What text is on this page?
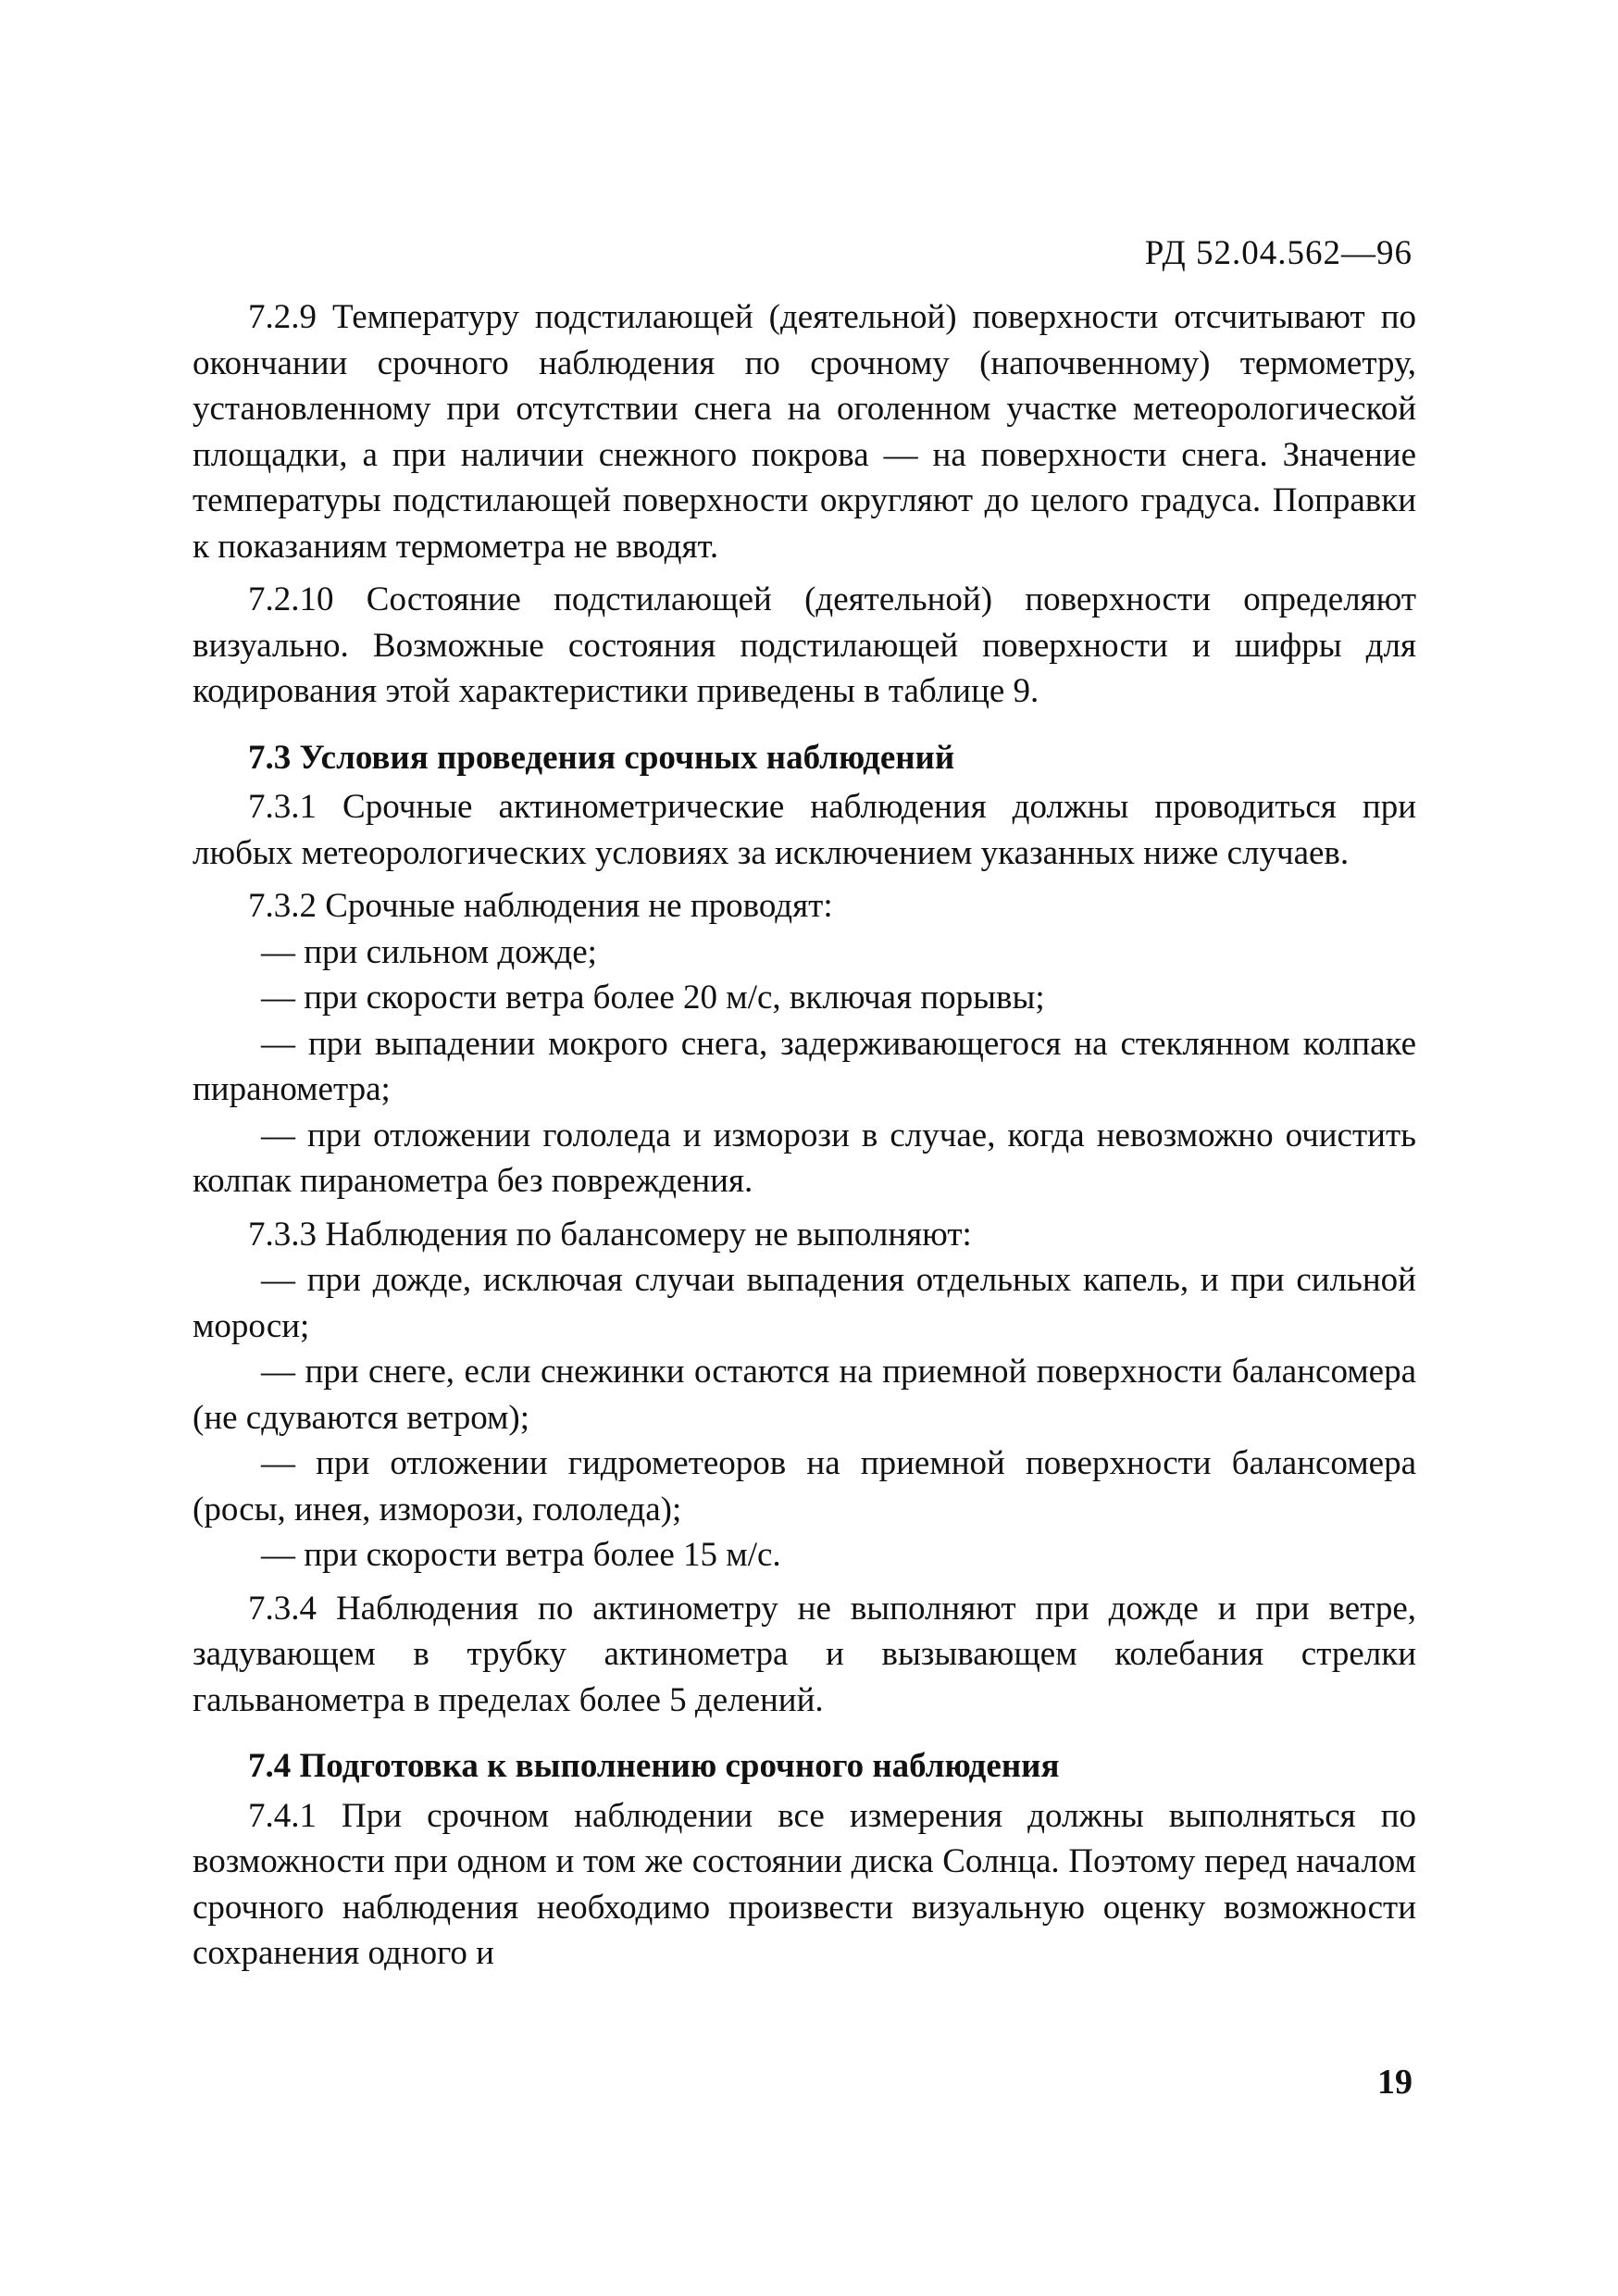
РД 52.04.562—96

7.2.9 Температуру подстилающей (деятельной) поверхности отсчитывают по окончании срочного наблюдения по срочному (напочвенному) термометру, установленному при отсутствии снега на оголенном участке метеорологической площадки, а при наличии снежного покрова — на поверхности снега. Значение температуры подстилающей поверхности округляют до целого градуса. Поправки к показаниям термометра не вводят.

7.2.10 Состояние подстилающей (деятельной) поверхности определяют визуально. Возможные состояния подстилающей поверхности и шифры для кодирования этой характеристики приведены в таблице 9.

7.3 Условия проведения срочных наблюдений

7.3.1 Срочные актинометрические наблюдения должны проводиться при любых метеорологических условиях за исключением указанных ниже случаев.

7.3.2 Срочные наблюдения не проводят:

— при сильном дожде;

— при скорости ветра более 20 м/с, включая порывы;

— при выпадении мокрого снега, задерживающегося на стеклянном колпаке пиранометра;

— при отложении гололеда и изморози в случае, когда невозможно очистить колпак пиранометра без повреждения.

7.3.3 Наблюдения по балансомеру не выполняют:

— при дожде, исключая случаи выпадения отдельных капель, и при сильной мороси;

— при снеге, если снежинки остаются на приемной поверхности балансомера (не сдуваются ветром);

— при отложении гидрометеоров на приемной поверхности балансомера (росы, инея, изморози, гололеда);

— при скорости ветра более 15 м/с.

7.3.4 Наблюдения по актинометру не выполняют при дожде и при ветре, задувающем в трубку актинометра и вызывающем колебания стрелки гальванометра в пределах более 5 делений.

7.4 Подготовка к выполнению срочного наблюдения

7.4.1 При срочном наблюдении все измерения должны выполняться по возможности при одном и том же состоянии диска Солнца. Поэтому перед началом срочного наблюдения необходимо произвести визуальную оценку возможности сохранения одного и

19
